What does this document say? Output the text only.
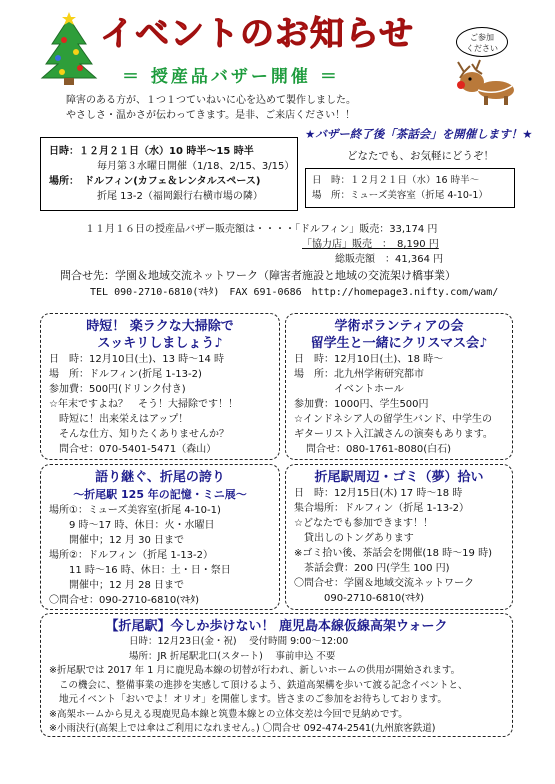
イベントのお知らせ
＝ 授産品バザー開催 ＝
ご参加
ください
障害のある方が、１つ１つていねいに心を込めて製作しました。
やさしさ・温かさが伝わってきます。是非、ご来店ください！！
日時：１２月２１日（水）10 時半〜15 時半
毎月第３水曜日開催（1/18、2/15、3/15）
場所：　ドルフィン(カフェ＆レンタルスペース)
折尾 13-2（福岡銀行右横市場の隣）
★バザー終了後「茶話会」を開催します！★
どなたでも、お気軽にどうぞ！
日　時：１２月２１日（水）16 時半〜
場　所：ミューズ美容室（折尾 4-10-1）
１１月１６日の授産品バザー販売額は・・・・「ドルフィン」販売：33,174 円
「協力店」販売　：　8,190 円
総販売額　：41,364 円
問合せ先：学園＆地域交流ネットワーク（障害者施設と地域の交流架け橋事業）
TEL 090-2710-6810(ﾏｷﾀ)　FAX 691-0686　http://homepage3.nifty.com/wam/
時短！ 楽ラクな大掃除で
スッキリしましょう♪
日　時：12月10日(土)、13 時〜14 時
場　所：ドルフィン(折尾 1-13-2)
参加費：500円(ドリンク付き)
☆年末ですよね？　そう！大掃除です！！
　時短に！出来栄えはアップ！
　そんな仕方、知りたくありませんか？
　問合せ：070-5401-5471（森山）
学術ボランティアの会
留学生と一緒にクリスマス会♪
日　時：12月10日(土)、18 時〜
場　所：北九州学術研究都市
　　　　イベントホール
参加費：1000円、学生500円
☆インドネシア人の留学生バンド、中学生の
ギターリスト入江誠さんの演奏もあります。
問合せ：080-1761-8080(白石)
語り継ぐ、折尾の誇り
〜折尾駅 125 年の記憶・ミニ展〜
場所①：ミューズ美容室(折尾 4-10-1)
　　9 時〜17 時、休日：火・水曜日
　　開催中；12 月 30 日まで
場所②：ドルフィン（折尾 1-13-2）
　　11 時〜16 時、休日：土・日・祭日
　　開催中；12 月 28 日まで
〇問合せ：090-2710-6810(ﾏｷﾀ)
折尾駅周辺・ゴミ（夢）拾い
日　時：12月15日(木) 17 時〜18 時
集合場所：ドルフィン（折尾 1-13-2）
☆どなたでも参加できます！！
　貸出しのトングあります
※ゴミ拾い後、茶話会を開催(18 時〜19 時)
　茶話会費：200 円(学生 100 円)
〇問合せ：学園＆地域交流ネットワーク
　　　090-2710-6810(ﾏｷﾀ)
【折尾駅】今しか歩けない！ 鹿児島本線仮線高架ウォーク
日時：12月23日(金・祝)　 受付時間 9:00〜12:00
場所：JR 折尾駅北口(スタート)　 事前申込 不要
※折尾駅では 2017 年 1 月に鹿児島本線の切替が行われ、新しいホームの供用が開始されます。
この機会に、整備事業の進捗を実感して頂けるよう、鉄道高架構を歩いて渡る記念イベントと、
地元イベント「おいでよ！オリオ」を開催します。皆さまのご参加をお待ちしております。
※高架ホームから見える現鹿児島本線と筑豊本線との立体交差は今回で見納めです。
※小雨決行(高架上では傘はご利用になれません。) 〇問合せ 092-474-2541(九州旅客鉄道)
